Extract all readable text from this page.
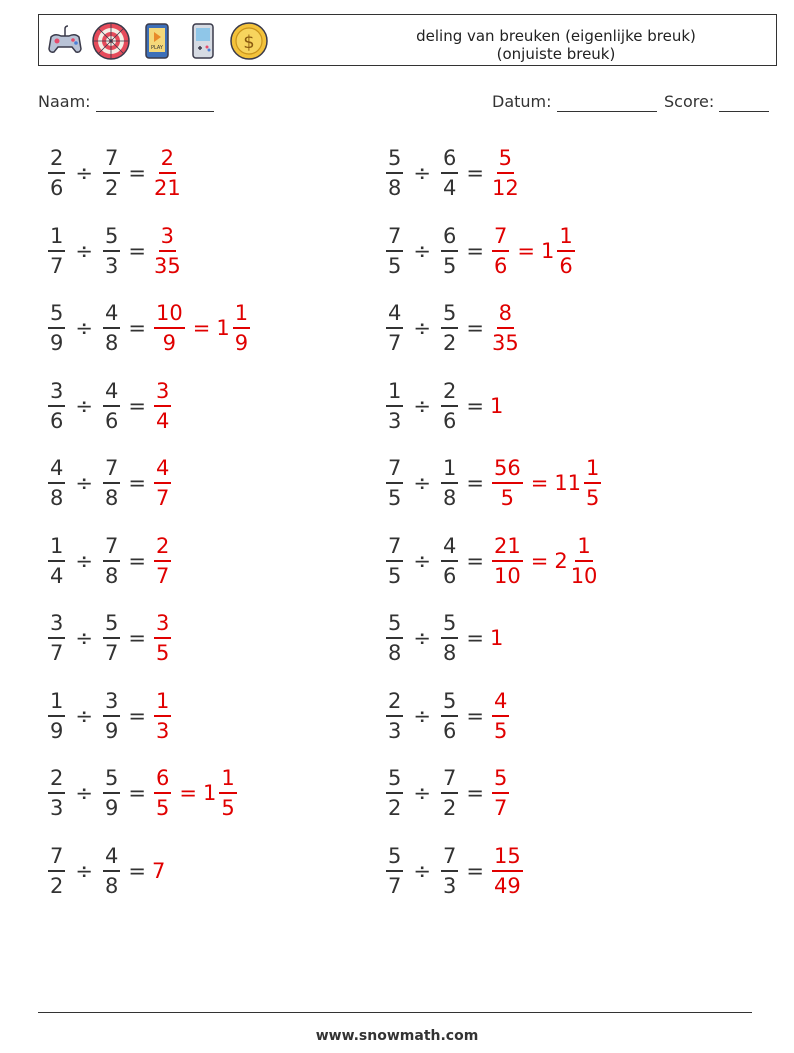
PLAY	$	deling van breuken (eigenlijke breuk)
(onjuiste breuk)
Naam:	Datum:	Score:
$\frac{2}{6} \div \frac{7}{2} = \frac{2}{21}$	$\frac{5}{8} \div \frac{6}{4} = \frac{5}{12}$
$\frac{1}{7} \div \frac{5}{3} = \frac{3}{35}$	$\frac{7}{5} \div \frac{6}{5} = \frac{7}{6} = 1 \frac{1}{6}$
$\frac{5}{9} \div \frac{4}{8} = \frac{10}{9} = 1 \frac{1}{9}$	$\frac{4}{7} \div \frac{5}{2} = \frac{8}{35}$
$\frac{3}{6} \div \frac{4}{6} = \frac{3}{4}$	$\frac{1}{3} \div \frac{2}{6} = 1$
$\frac{4}{8} \div \frac{7}{8} = \frac{4}{7}$	$\frac{7}{5} \div \frac{1}{8} = \frac{56}{5} = 11 \frac{1}{5}$
$\frac{1}{4} \div \frac{7}{8} = \frac{2}{7}$	$\frac{7}{5} \div \frac{4}{6} = \frac{21}{10} = 2 \frac{1}{10}$
$\frac{3}{7} \div \frac{5}{7} = \frac{3}{5}$	$\frac{5}{8} \div \frac{5}{8} = 1$
$\frac{1}{9} \div \frac{3}{9} = \frac{1}{3}$	$\frac{2}{3} \div \frac{5}{6} = \frac{4}{5}$
$\frac{2}{3} \div \frac{5}{9} = \frac{6}{5} = 1 \frac{1}{5}$	$\frac{5}{2} \div \frac{7}{2} = \frac{5}{7}$
$\frac{7}{2} \div \frac{4}{8} = 7$	$\frac{5}{7} \div \frac{7}{3} = \frac{15}{49}$
www.snowmath.com
